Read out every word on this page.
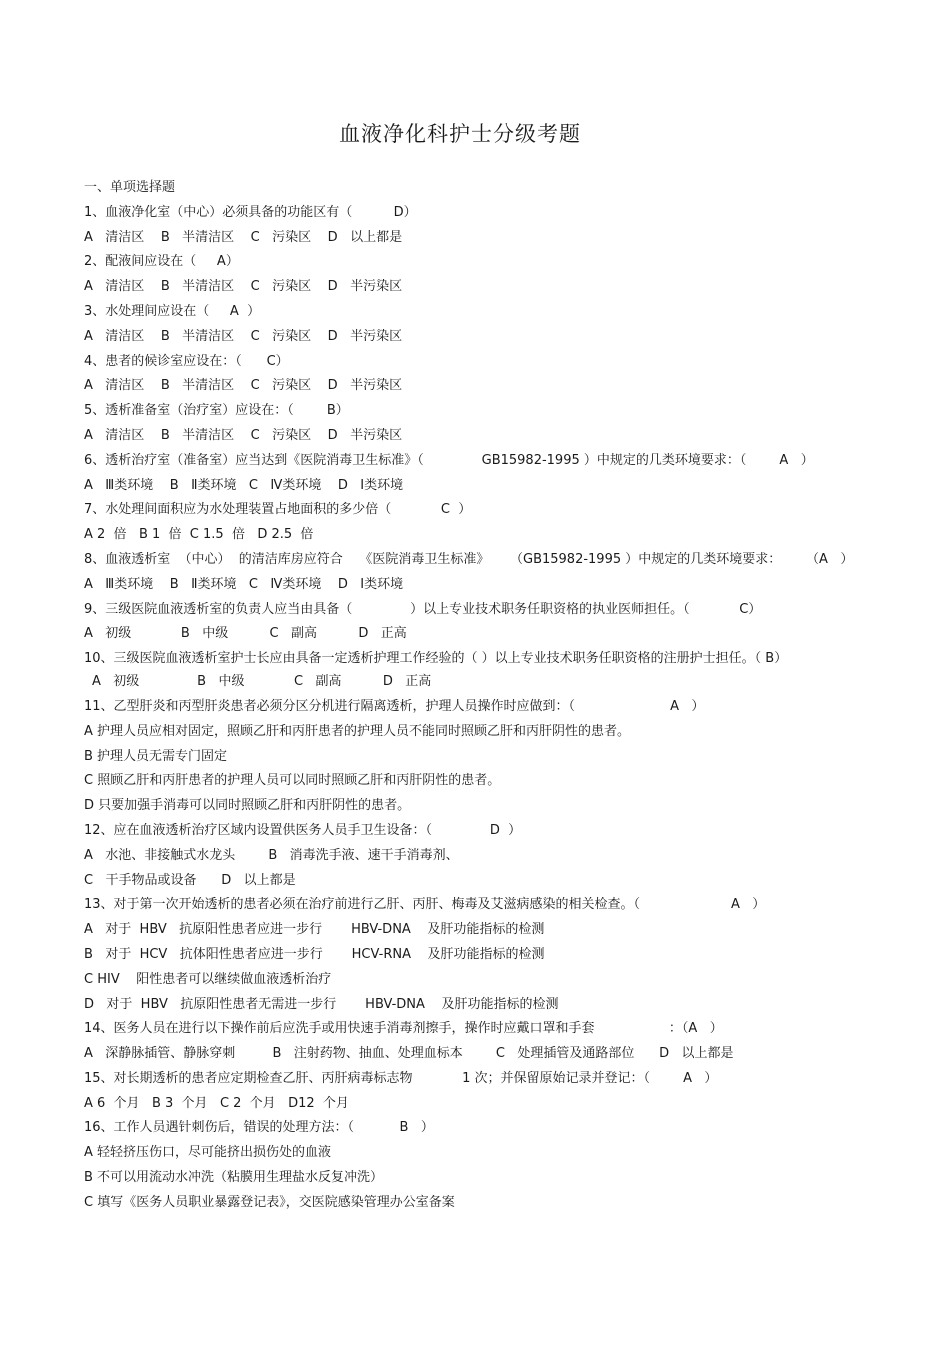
血液净化科护士分级考题
一、单项选择题
1、血液净化室（中心）必须具备的功能区有（          D）
A   清洁区    B   半清洁区    C   污染区    D   以上都是
2、配液间应设在（     A）
A   清洁区    B   半清洁区    C   污染区    D   半污染区
3、水处理间应设在（     A  ）
A   清洁区    B   半清洁区    C   污染区    D   半污染区
4、患者的候诊室应设在：（      C）
A   清洁区    B   半清洁区    C   污染区    D   半污染区
5、透析准备室（治疗室）应设在：（        B）
A   清洁区    B   半清洁区    C   污染区    D   半污染区
6、透析治疗室（准备室）应当达到《医院消毒卫生标准》（              GB15982-1995 ）中规定的几类环境要求：（        A   ）
A   Ⅲ类环境    B   Ⅱ类环境   C   Ⅳ类环境    D   Ⅰ类环境
7、水处理间面积应为水处理装置占地面积的多少倍（            C  ）
A 2  倍   B 1  倍  C 1.5  倍   D 2.5  倍
8、血液透析室  （中心）  的清洁库房应符合    《医院消毒卫生标准》     （GB15982-1995 ）中规定的几类环境要求：      （A   ）
A   Ⅲ类环境    B   Ⅱ类环境   C   Ⅳ类环境    D   Ⅰ类环境
9、三级医院血液透析室的负责人应当由具备（              ）以上专业技术职务任职资格的执业医师担任。（            C）
A   初级            B   中级          C   副高          D   正高
10、三级医院血液透析室护士长应由具备一定透析护理工作经验的（ ）以上专业技术职务任职资格的注册护士担任。（ B）
A   初级              B   中级            C   副高          D   正高
11、乙型肝炎和丙型肝炎患者必须分区分机进行隔离透析，护理人员操作时应做到：（                       A   ）
A 护理人员应相对固定，照顾乙肝和丙肝患者的护理人员不能同时照顾乙肝和丙肝阴性的患者。
B 护理人员无需专门固定
C 照顾乙肝和丙肝患者的护理人员可以同时照顾乙肝和丙肝阴性的患者。
D 只要加强手消毒可以同时照顾乙肝和丙肝阴性的患者。
12、应在血液透析治疗区域内设置供医务人员手卫生设备：（              D  ）
A   水池、非接触式水龙头        B   消毒洗手液、速干手消毒剂、
C   干手物品或设备      D   以上都是
13、对于第一次开始透析的患者必须在治疗前进行乙肝、丙肝、梅毒及艾滋病感染的相关检查。（                      A   ）
A   对于  HBV   抗原阳性患者应进一步行       HBV-DNA    及肝功能指标的检测
B   对于  HCV   抗体阳性患者应进一步行       HCV-RNA    及肝功能指标的检测
C HIV    阳性患者可以继续做血液透析治疗
D   对于  HBV   抗原阳性患者无需进一步行       HBV-DNA    及肝功能指标的检测
14、医务人员在进行以下操作前后应洗手或用快速手消毒剂擦手，操作时应戴口罩和手套                  ：（A   ）
A   深静脉插管、静脉穿刺         B   注射药物、抽血、处理血标本        C   处理插管及通路部位      D   以上都是
15、对长期透析的患者应定期检查乙肝、丙肝病毒标志物            1 次；并保留原始记录并登记：（        A   ）
A 6  个月   B 3  个月   C 2  个月   D12  个月
16、工作人员遇针刺伤后，错误的处理方法：（           B   ）
A 轻轻挤压伤口，尽可能挤出损伤处的血液
B 不可以用流动水冲洗（粘膜用生理盐水反复冲洗）
C 填写《医务人员职业暴露登记表》，交医院感染管理办公室备案
